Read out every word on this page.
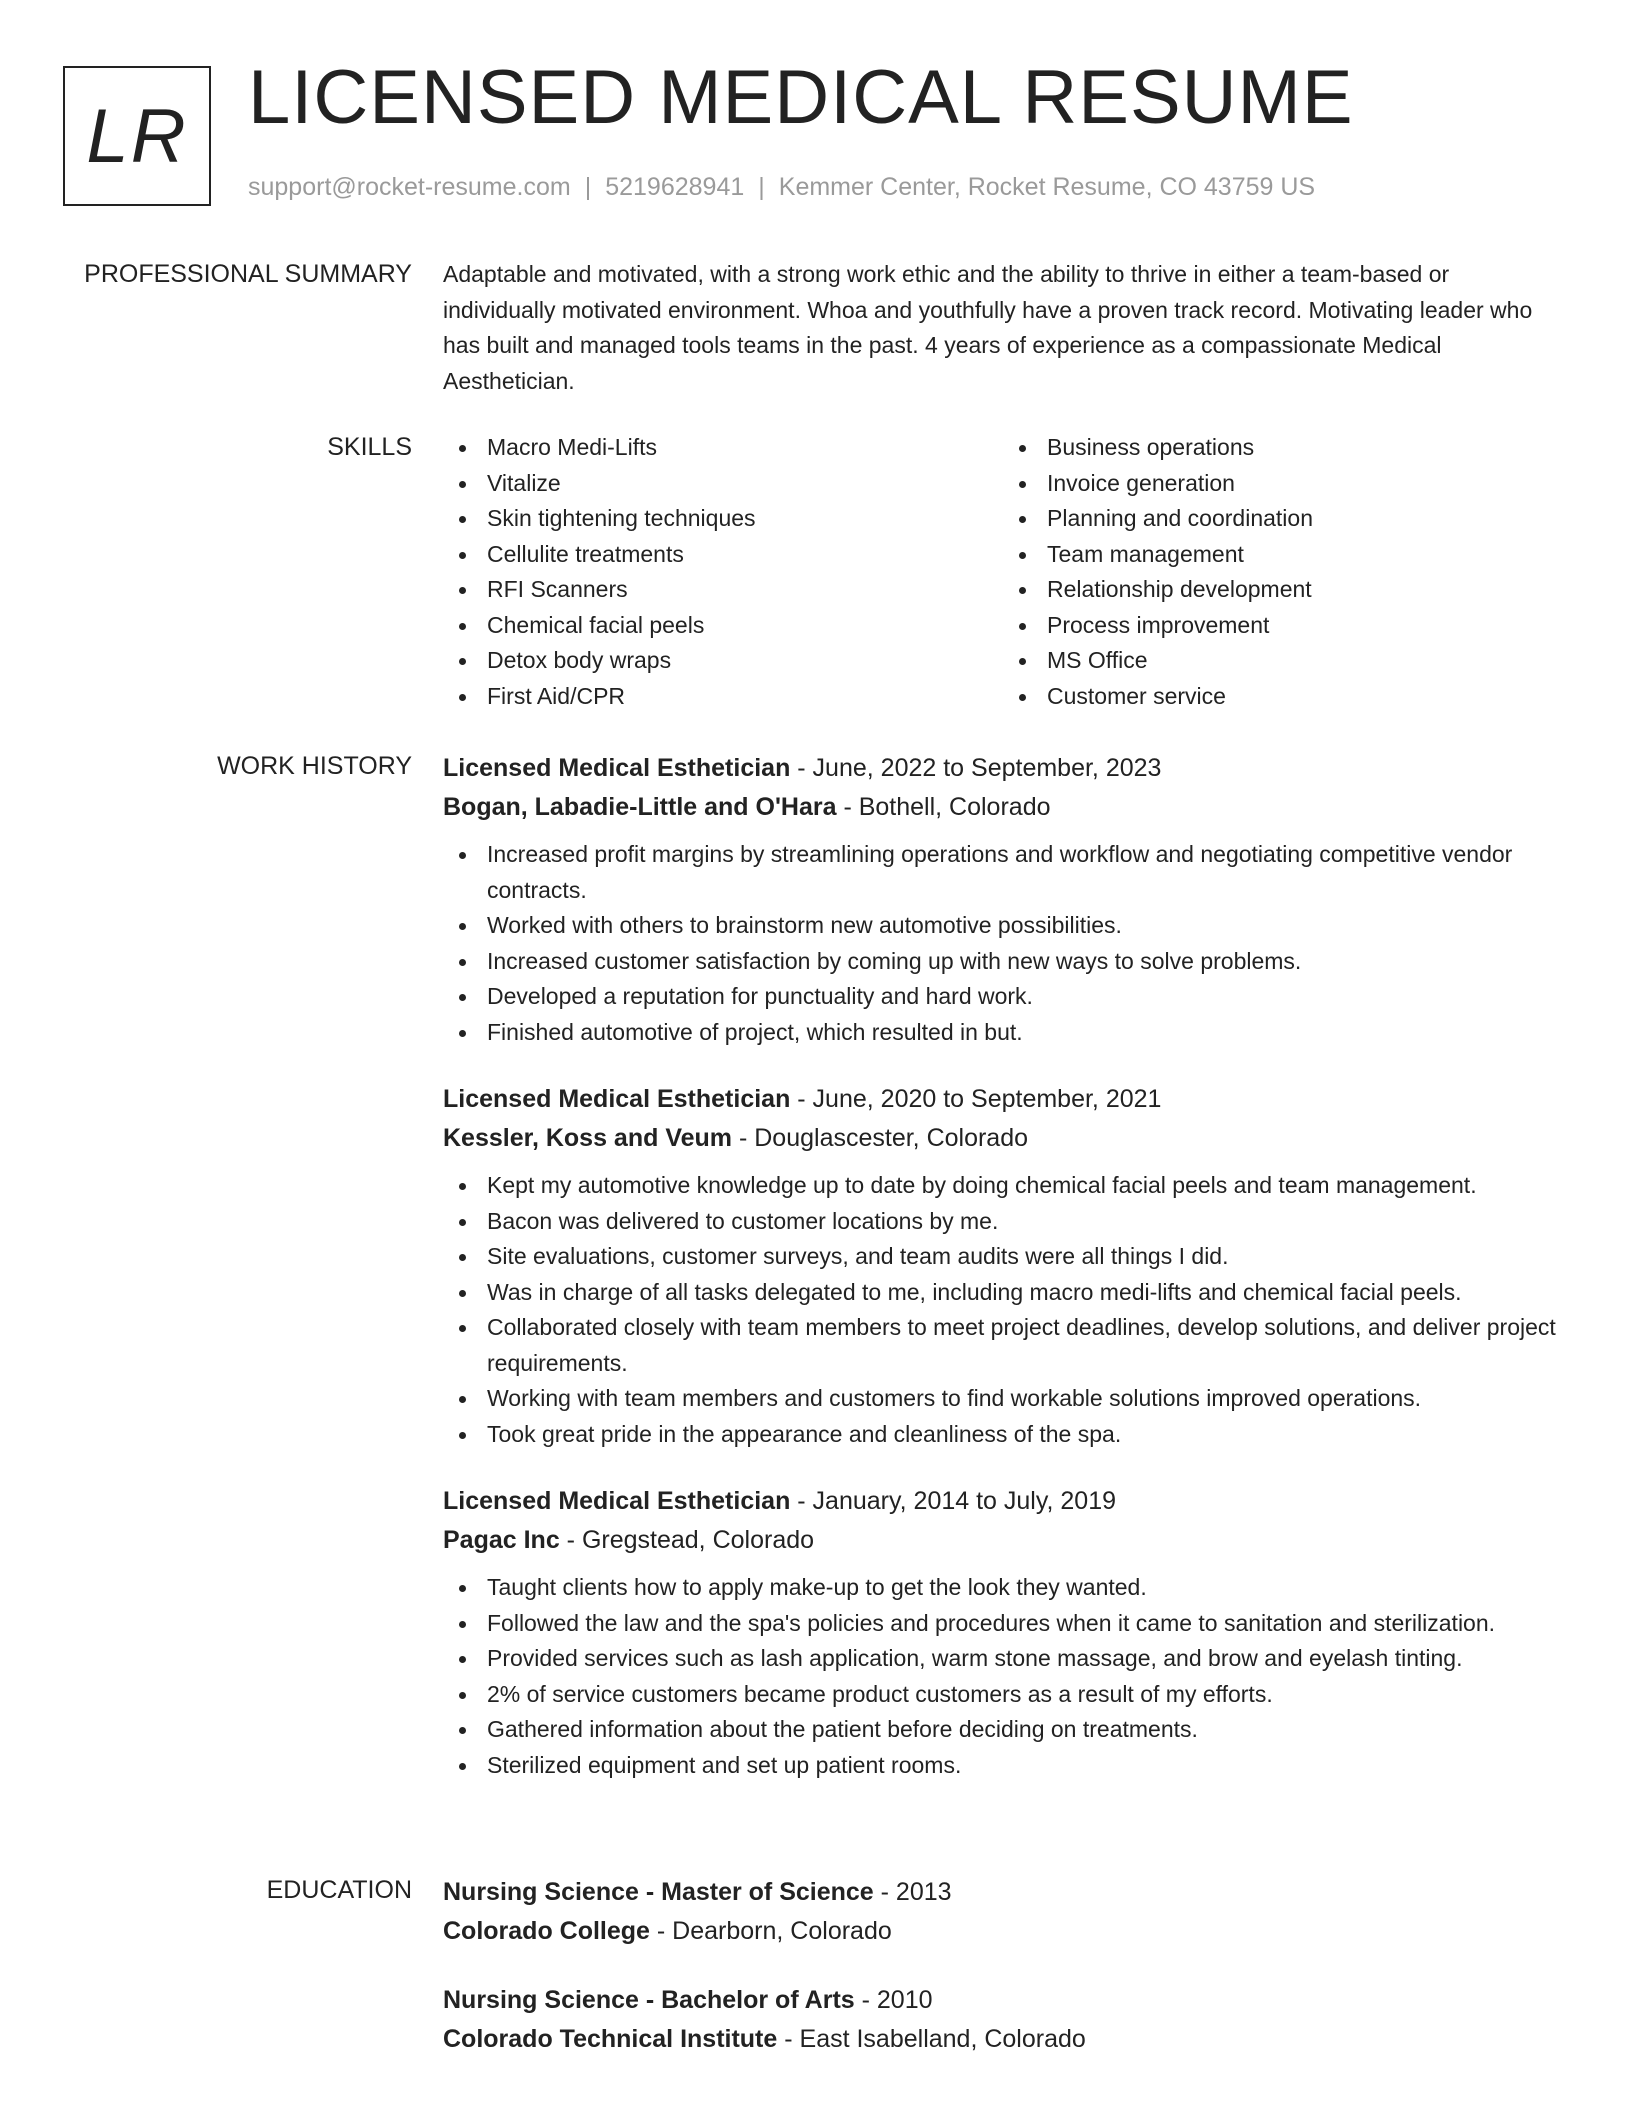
LR LICENSED MEDICAL RESUME
support@rocket-resume.com | 5219628941 | Kemmer Center, Rocket Resume, CO 43759 US
PROFESSIONAL SUMMARY Adaptable and motivated, with a strong work ethic and the ability to thrive in either a team-based or individually motivated environment. Whoa and youthfully have a proven track record. Motivating leader who has built and managed tools teams in the past. 4 years of experience as a compassionate Medical Aesthetician.
SKILLS	Macro Medi-Lifts
Vitalize
Skin tightening techniques
Cellulite treatments
RFI Scanners
Chemical facial peels
Detox body wraps
First Aid/CPR
Business operations
Invoice generation
Planning and coordination
Team management
Relationship development
Process improvement
MS Office
Customer service
WORK HISTORY Licensed Medical Esthetician - June, 2022 to September, 2023
Bogan, Labadie-Little and O'Hara - Bothell, Colorado
Increased profit margins by streamlining operations and workflow and negotiating competitive vendor contracts.
Worked with others to brainstorm new automotive possibilities.
Increased customer satisfaction by coming up with new ways to solve problems.
Developed a reputation for punctuality and hard work.
Finished automotive of project, which resulted in but.
Licensed Medical Esthetician - June, 2020 to September, 2021
Kessler, Koss and Veum - Douglascester, Colorado
Kept my automotive knowledge up to date by doing chemical facial peels and team management.
Bacon was delivered to customer locations by me.
Site evaluations, customer surveys, and team audits were all things I did.
Was in charge of all tasks delegated to me, including macro medi-lifts and chemical facial peels.
Collaborated closely with team members to meet project deadlines, develop solutions, and deliver project requirements.
Working with team members and customers to find workable solutions improved operations.
Took great pride in the appearance and cleanliness of the spa.
Licensed Medical Esthetician - January, 2014 to July, 2019
Pagac Inc - Gregstead, Colorado
Taught clients how to apply make-up to get the look they wanted.
Followed the law and the spa's policies and procedures when it came to sanitation and sterilization.
Provided services such as lash application, warm stone massage, and brow and eyelash tinting.
2% of service customers became product customers as a result of my efforts.
Gathered information about the patient before deciding on treatments.
Sterilized equipment and set up patient rooms.
EDUCATION Nursing Science - Master of Science - 2013
Colorado College - Dearborn, Colorado
Nursing Science - Bachelor of Arts - 2010
Colorado Technical Institute - East Isabelland, Colorado
